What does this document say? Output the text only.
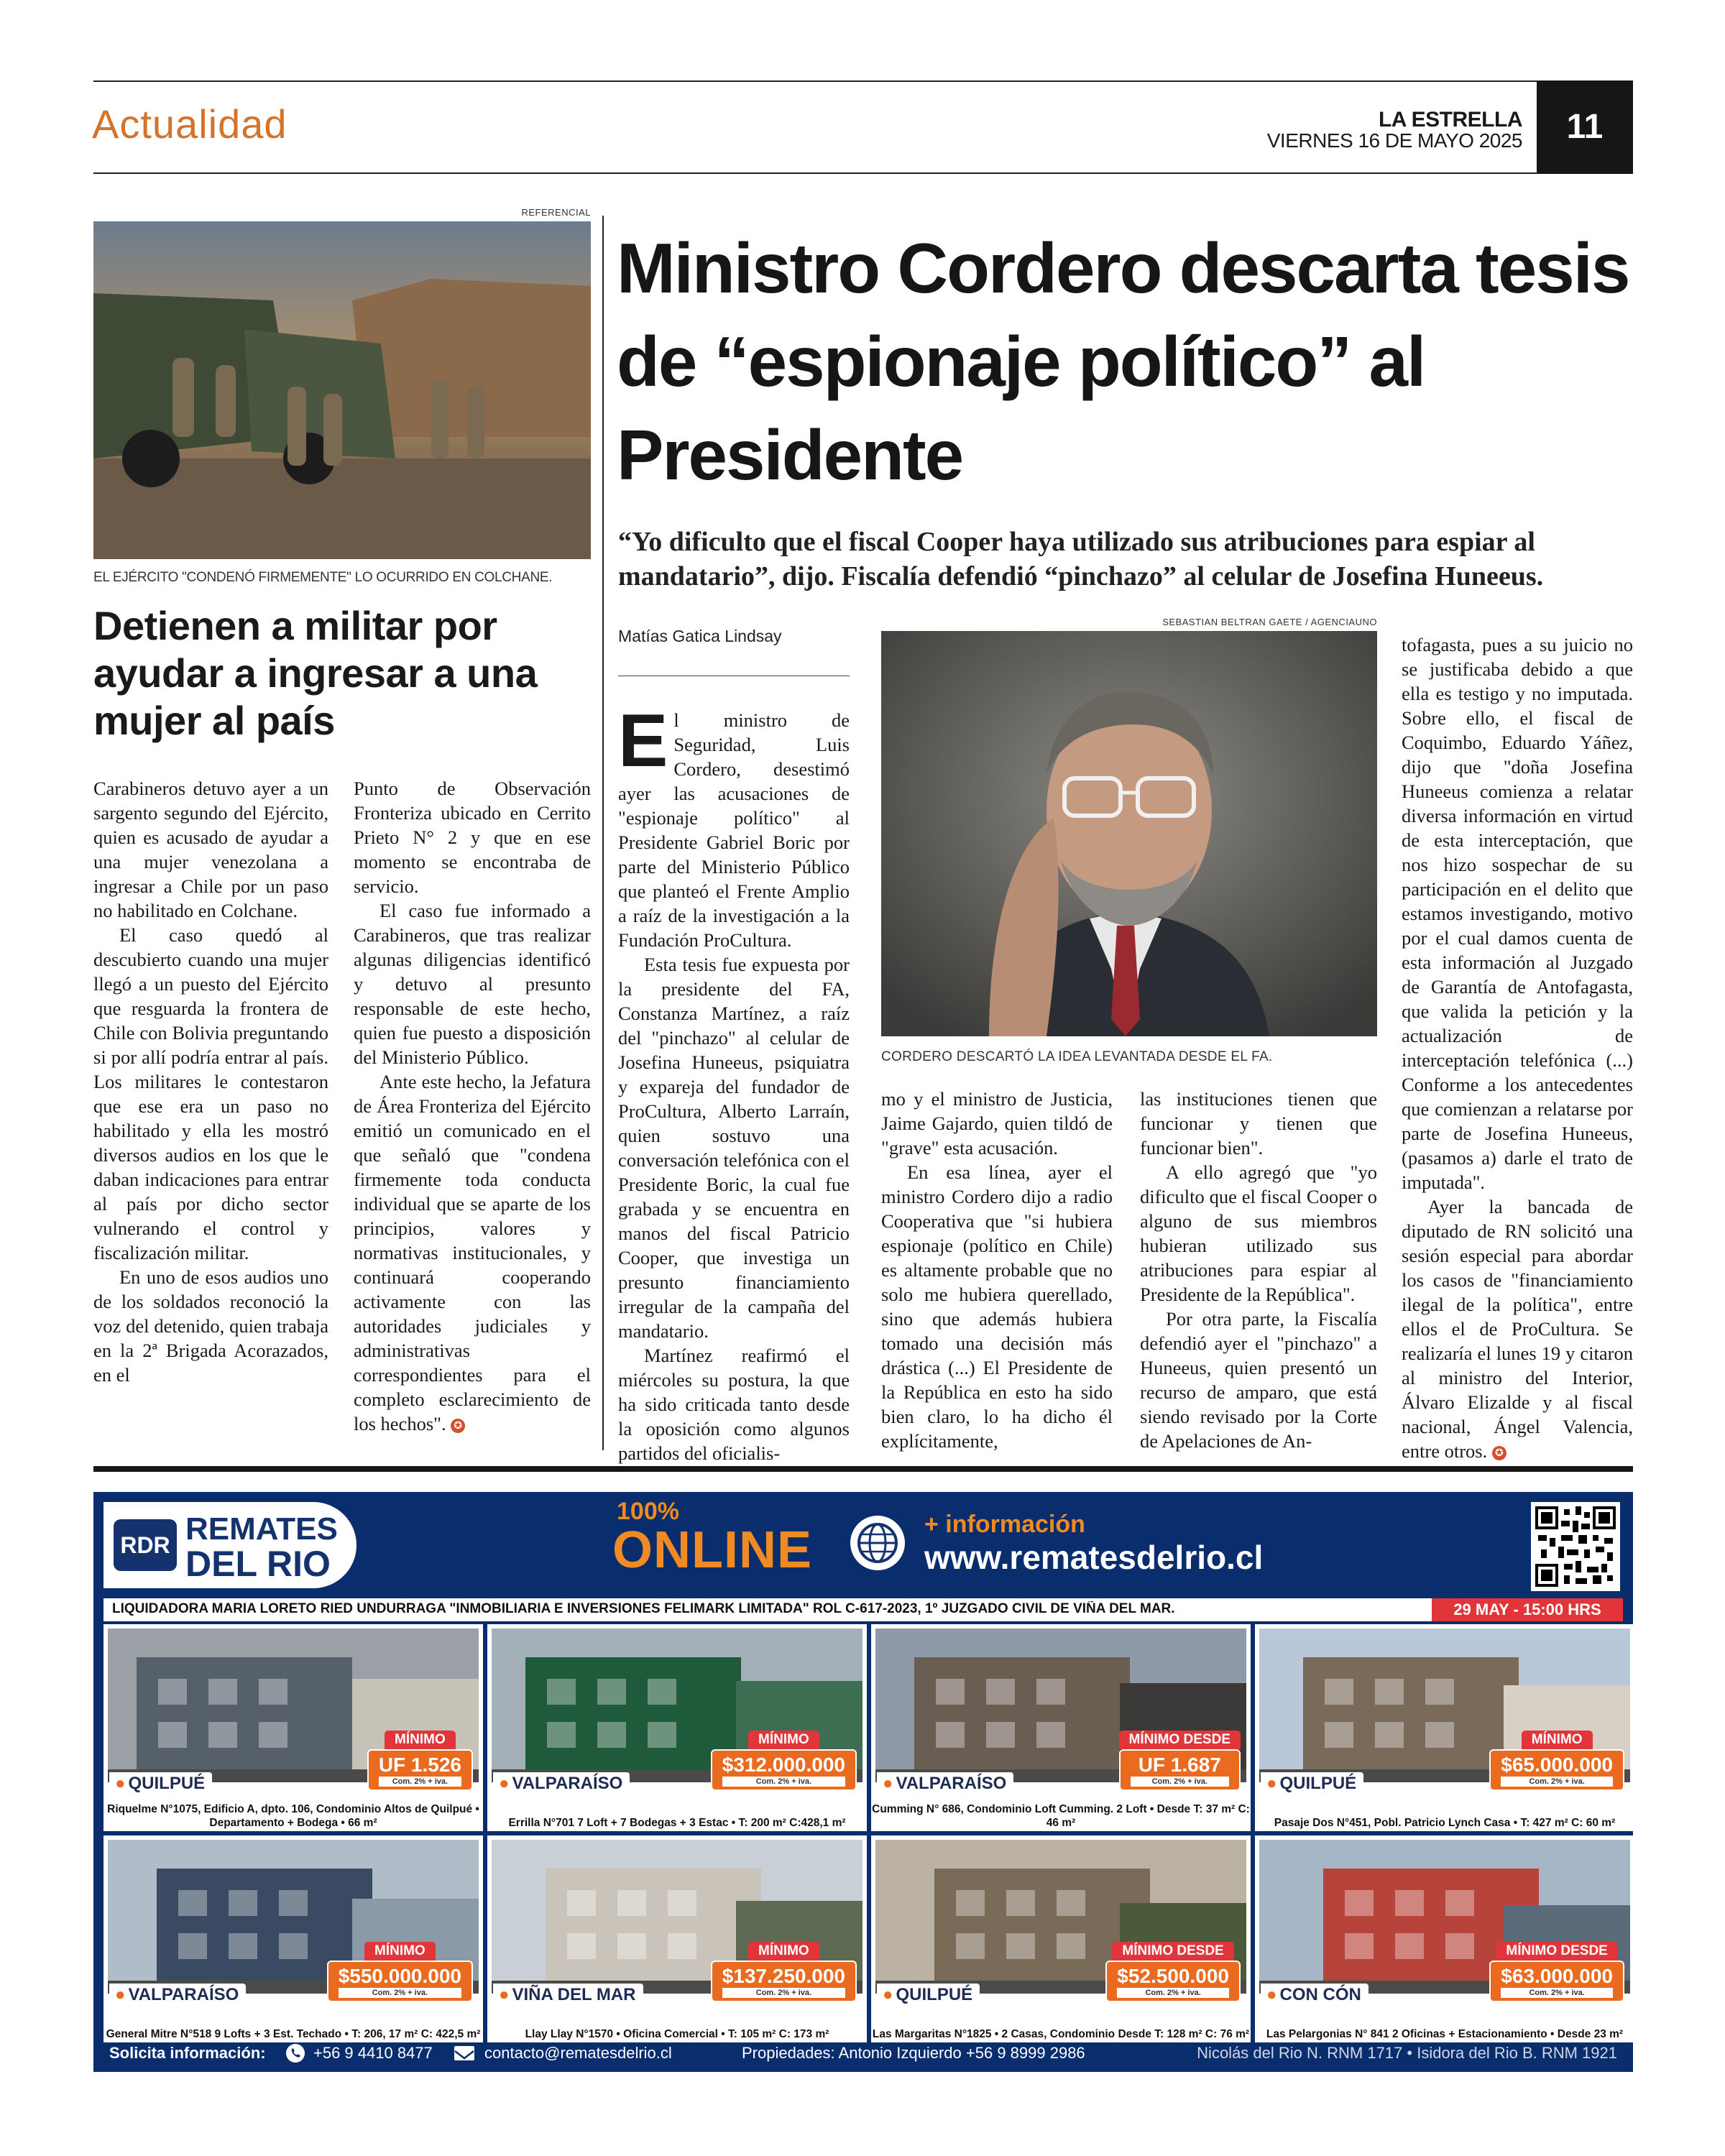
Actualidad	LA ESTRELLA
VIERNES 16 DE MAYO 2025	11
REFERENCIAL
EL EJÉRCITO "CONDENÓ FIRMEMENTE" LO OCURRIDO EN COLCHANE.
Detienen a militar por ayudar a ingresar a una mujer al país

Carabineros detuvo ayer a un sargento segundo del Ejército, quien es acusado de ayudar a una mujer venezolana a ingresar a Chile por un paso no habilitado en Colchane.

El caso quedó al descubierto cuando una mujer llegó a un puesto del Ejército que resguarda la frontera de Chile con Bolivia preguntando si por allí podría entrar al país. Los militares le contestaron que ese era un paso no habilitado y ella les mostró diversos audios en los que le daban indicaciones para entrar al país por dicho sector vulnerando el control y fiscalización militar.

En uno de esos audios uno de los soldados reconoció la voz del detenido, quien trabaja en la 2ª Brigada Acorazados, en el

Punto de Observación Fronteriza ubicado en Cerrito Prieto N° 2 y que en ese momento se encontraba de servicio.

El caso fue informado a Carabineros, que tras realizar algunas diligencias identificó y detuvo al presunto responsable de este hecho, quien fue puesto a disposición del Ministerio Público.

Ante este hecho, la Jefatura de Área Fronteriza del Ejército emitió un comunicado en el que señaló que "condena firmemente toda conducta individual que se aparte de los principios, valores y normativas institucionales, y continuará cooperando activamente con las autoridades judiciales y administrativas correspondientes para el completo esclarecimiento de los hechos". ✪

Ministro Cordero descarta tesis de “espionaje político” al Presidente
“Yo dificulto que el fiscal Cooper haya utilizado sus atribuciones para espiar al mandatario”, dijo. Fiscalía defendió “pinchazo” al celular de Josefina Huneeus.
Matías Gatica Lindsay
SEBASTIAN BELTRAN GAETE / AGENCIAUNO
CORDERO DESCARTÓ LA IDEA LEVANTADA DESDE EL FA.

El ministro de Seguridad, Luis Cordero, desestimó ayer las acusaciones de "espionaje político" al Presidente Gabriel Boric por parte del Ministerio Público que planteó el Frente Amplio a raíz de la investigación a la Fundación ProCultura.

Esta tesis fue expuesta por la presidente del FA, Constanza Martínez, a raíz del "pinchazo" al celular de Josefina Huneeus, psiquiatra y expareja del fundador de ProCultura, Alberto Larraín, quien sostuvo una conversación telefónica con el Presidente Boric, la cual fue grabada y se encuentra en manos del fiscal Patricio Cooper, que investiga un presunto financiamiento irregular de la campaña del mandatario.

Martínez reafirmó el miércoles su postura, la que ha sido criticada tanto desde la oposición como algunos partidos del oficialis-

mo y el ministro de Justicia, Jaime Gajardo, quien tildó de "grave" esta acusación.

En esa línea, ayer el ministro Cordero dijo a radio Cooperativa que "si hubiera espionaje (político en Chile) es altamente probable que no solo me hubiera querellado, sino que además hubiera tomado una decisión más drástica (...) El Presidente de la República en esto ha sido bien claro, lo ha dicho él explícitamente,

las instituciones tienen que funcionar y tienen que funcionar bien".

A ello agregó que "yo dificulto que el fiscal Cooper o alguno de sus miembros hubieran utilizado sus atribuciones para espiar al Presidente de la República".

Por otra parte, la Fiscalía defendió ayer el "pinchazo" a Huneeus, quien presentó un recurso de amparo, que está siendo revisado por la Corte de Apelaciones de An-

tofagasta, pues a su juicio no se justificaba debido a que ella es testigo y no imputada. Sobre ello, el fiscal de Coquimbo, Eduardo Yáñez, dijo que "doña Josefina Huneeus comienza a relatar diversa información en virtud de esta interceptación, que nos hizo sospechar de su participación en el delito que estamos investigando, motivo por el cual damos cuenta de esta información al Juzgado de Garantía de Antofagasta, que valida la petición y la actualización de interceptación telefónica (...) Conforme a los antecedentes que comienzan a relatarse por parte de Josefina Huneeus, (pasamos a) darle el trato de imputada".

Ayer la bancada de diputado de RN solicitó una sesión especial para abordar los casos de "financiamiento ilegal de la política", entre ellos el de ProCultura. Se realizaría el lunes 19 y citaron al ministro del Interior, Álvaro Elizalde y al fiscal nacional, Ángel Valencia, entre otros. ✪

RDR REMATES
DEL RIO
100%
ONLINE	+ información
www.rematesdelrio.cl
LIQUIDADORA MARIA LORETO RIED UNDURRAGA "INMOBILIARIA E INVERSIONES FELIMARK LIMITADA" ROL C-617-2023, 1º JUZGADO CIVIL DE VIÑA DEL MAR.	29 MAY - 15:00 HRS
● QUILPUÉ
MÍNIMO
UF 1.526
Com. 2% + iva.
Riquelme N°1075, Edificio A, dpto. 106, Condominio Altos de Quilpué • Departamento + Bodega • 66 m²
● VALPARAÍSO
MÍNIMO
$312.000.000
Com. 2% + iva.
Errilla N°701 7 Loft + 7 Bodegas + 3 Estac • T: 200 m² C:428,1 m²
● VALPARAÍSO
MÍNIMO DESDE
UF 1.687
Com. 2% + iva.
Cumming N° 686, Condominio Loft Cumming. 2 Loft • Desde T: 37 m² C: 46 m²
● QUILPUÉ
MÍNIMO
$65.000.000
Com. 2% + iva.
Pasaje Dos N°451, Pobl. Patricio Lynch Casa • T: 427 m² C: 60 m²
● VALPARAÍSO
MÍNIMO
$550.000.000
Com. 2% + iva.
General Mitre N°518 9 Lofts + 3 Est. Techado • T: 206, 17 m² C: 422,5 m²
● VIÑA DEL MAR
MÍNIMO
$137.250.000
Com. 2% + iva.
Llay Llay N°1570 • Oficina Comercial • T: 105 m² C: 173 m²
● QUILPUÉ
MÍNIMO DESDE
$52.500.000
Com. 2% + iva.
Las Margaritas N°1825 • 2 Casas, Condominio Desde T: 128 m² C: 76 m²
● CON CÓN
MÍNIMO DESDE
$63.000.000
Com. 2% + iva.
Las Pelargonias N° 841 2 Oficinas + Estacionamiento • Desde 23 m²
Solicita información:	+56 9 4410 8477	contacto@rematesdelrio.cl	Propiedades: Antonio Izquierdo +56 9 8999 2986	Nicolás del Rio N. RNM 1717 • Isidora del Rio B. RNM 1921
